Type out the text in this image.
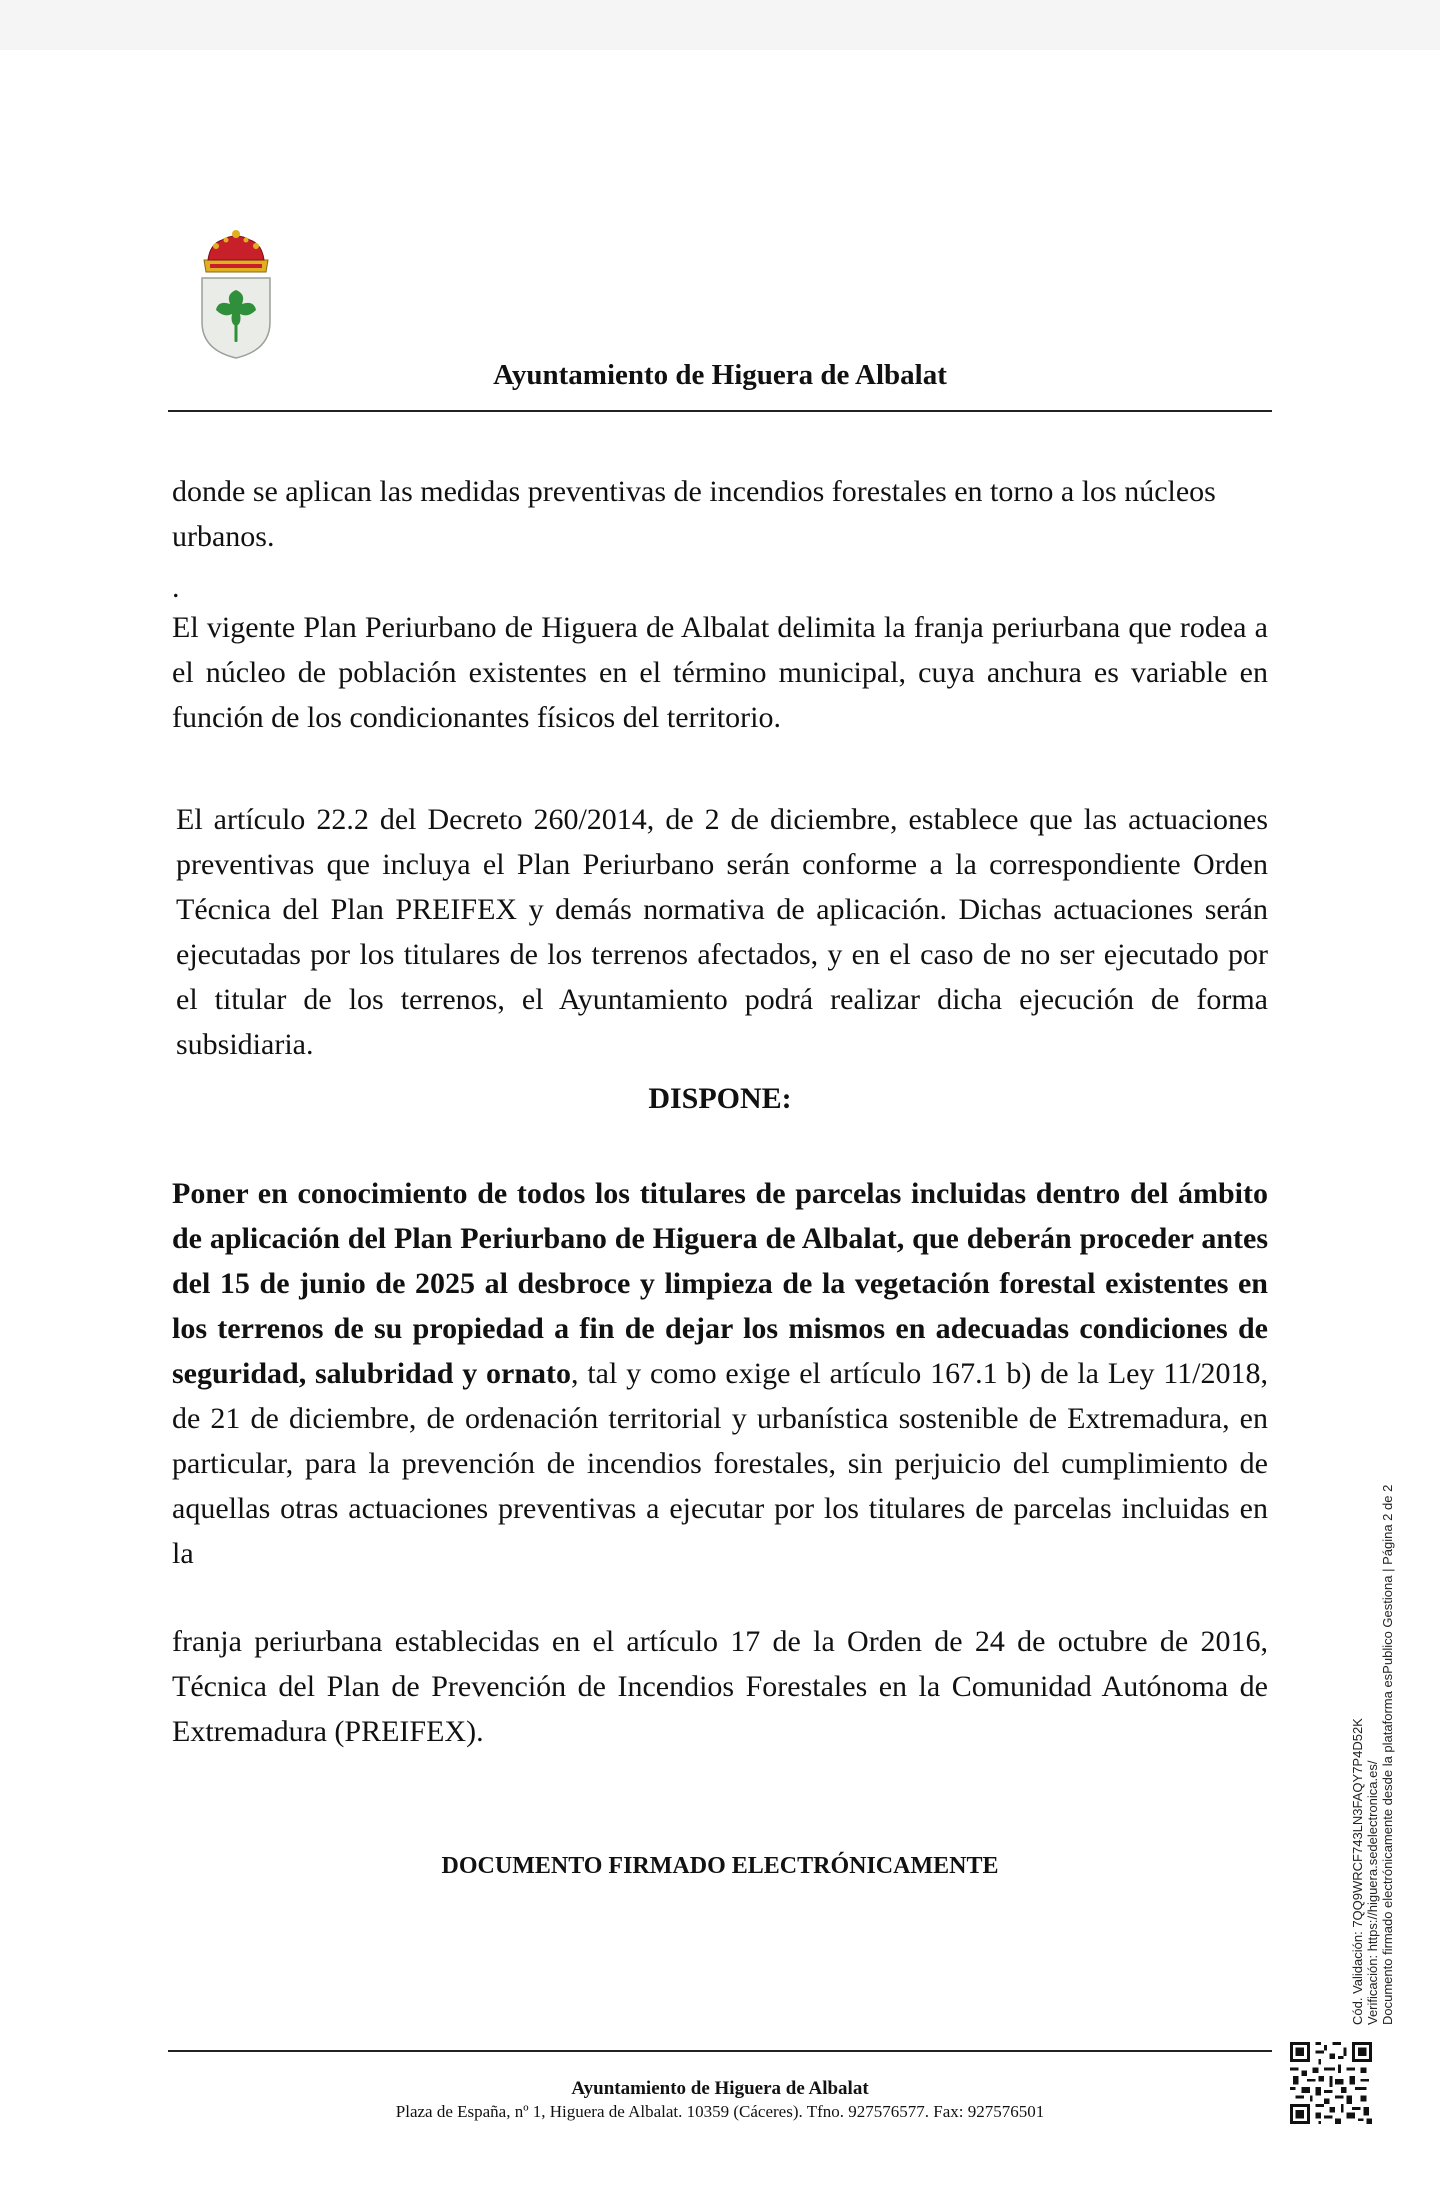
Ayuntamiento de Higuera de Albalat

donde se aplican las medidas preventivas de incendios forestales en torno a los núcleos urbanos.

.

El vigente Plan Periurbano de Higuera de Albalat delimita la franja periurbana que rodea a el núcleo de población existentes en el término municipal, cuya anchura es variable en función de los condicionantes físicos del territorio.

El artículo 22.2 del Decreto 260/2014, de 2 de diciembre, establece que las actuaciones preventivas que incluya el Plan Periurbano serán conforme a la correspondiente Orden Técnica del Plan PREIFEX y demás normativa de aplicación. Dichas actuaciones serán ejecutadas por los titulares de los terrenos afectados, y en el caso de no ser ejecutado por el titular de los terrenos, el Ayuntamiento podrá realizar dicha ejecución de forma subsidiaria.

DISPONE:

Poner en conocimiento de todos los titulares de parcelas incluidas dentro del ámbito de aplicación del Plan Periurbano de Higuera de Albalat, que deberán proceder antes del 15 de junio de 2025 al desbroce y limpieza de la vegetación forestal existentes en los terrenos de su propiedad a fin de dejar los mismos en adecuadas condiciones de seguridad, salubridad y ornato, tal y como exige el artículo 167.1 b) de la Ley 11/2018, de 21 de diciembre, de ordenación territorial y urbanística sostenible de Extremadura, en particular, para la prevención de incendios forestales, sin perjuicio del cumplimiento de aquellas otras actuaciones preventivas a ejecutar por los titulares de parcelas incluidas en la

franja periurbana establecidas en el artículo 17 de la Orden de 24 de octubre de 2016, Técnica del Plan de Prevención de Incendios Forestales en la Comunidad Autónoma de Extremadura (PREIFEX).

DOCUMENTO FIRMADO ELECTRÓNICAMENTE
Ayuntamiento de Higuera de Albalat
Plaza de España, nº 1, Higuera de Albalat. 10359 (Cáceres). Tfno. 927576577. Fax: 927576501
Cód. Validación: 7QQ9WRCF743LN3FAQY7P4D52K Verificación: https://higuera.sedelectronica.es/ Documento firmado electrónicamente desde la plataforma esPublico Gestiona | Página 2 de 2
